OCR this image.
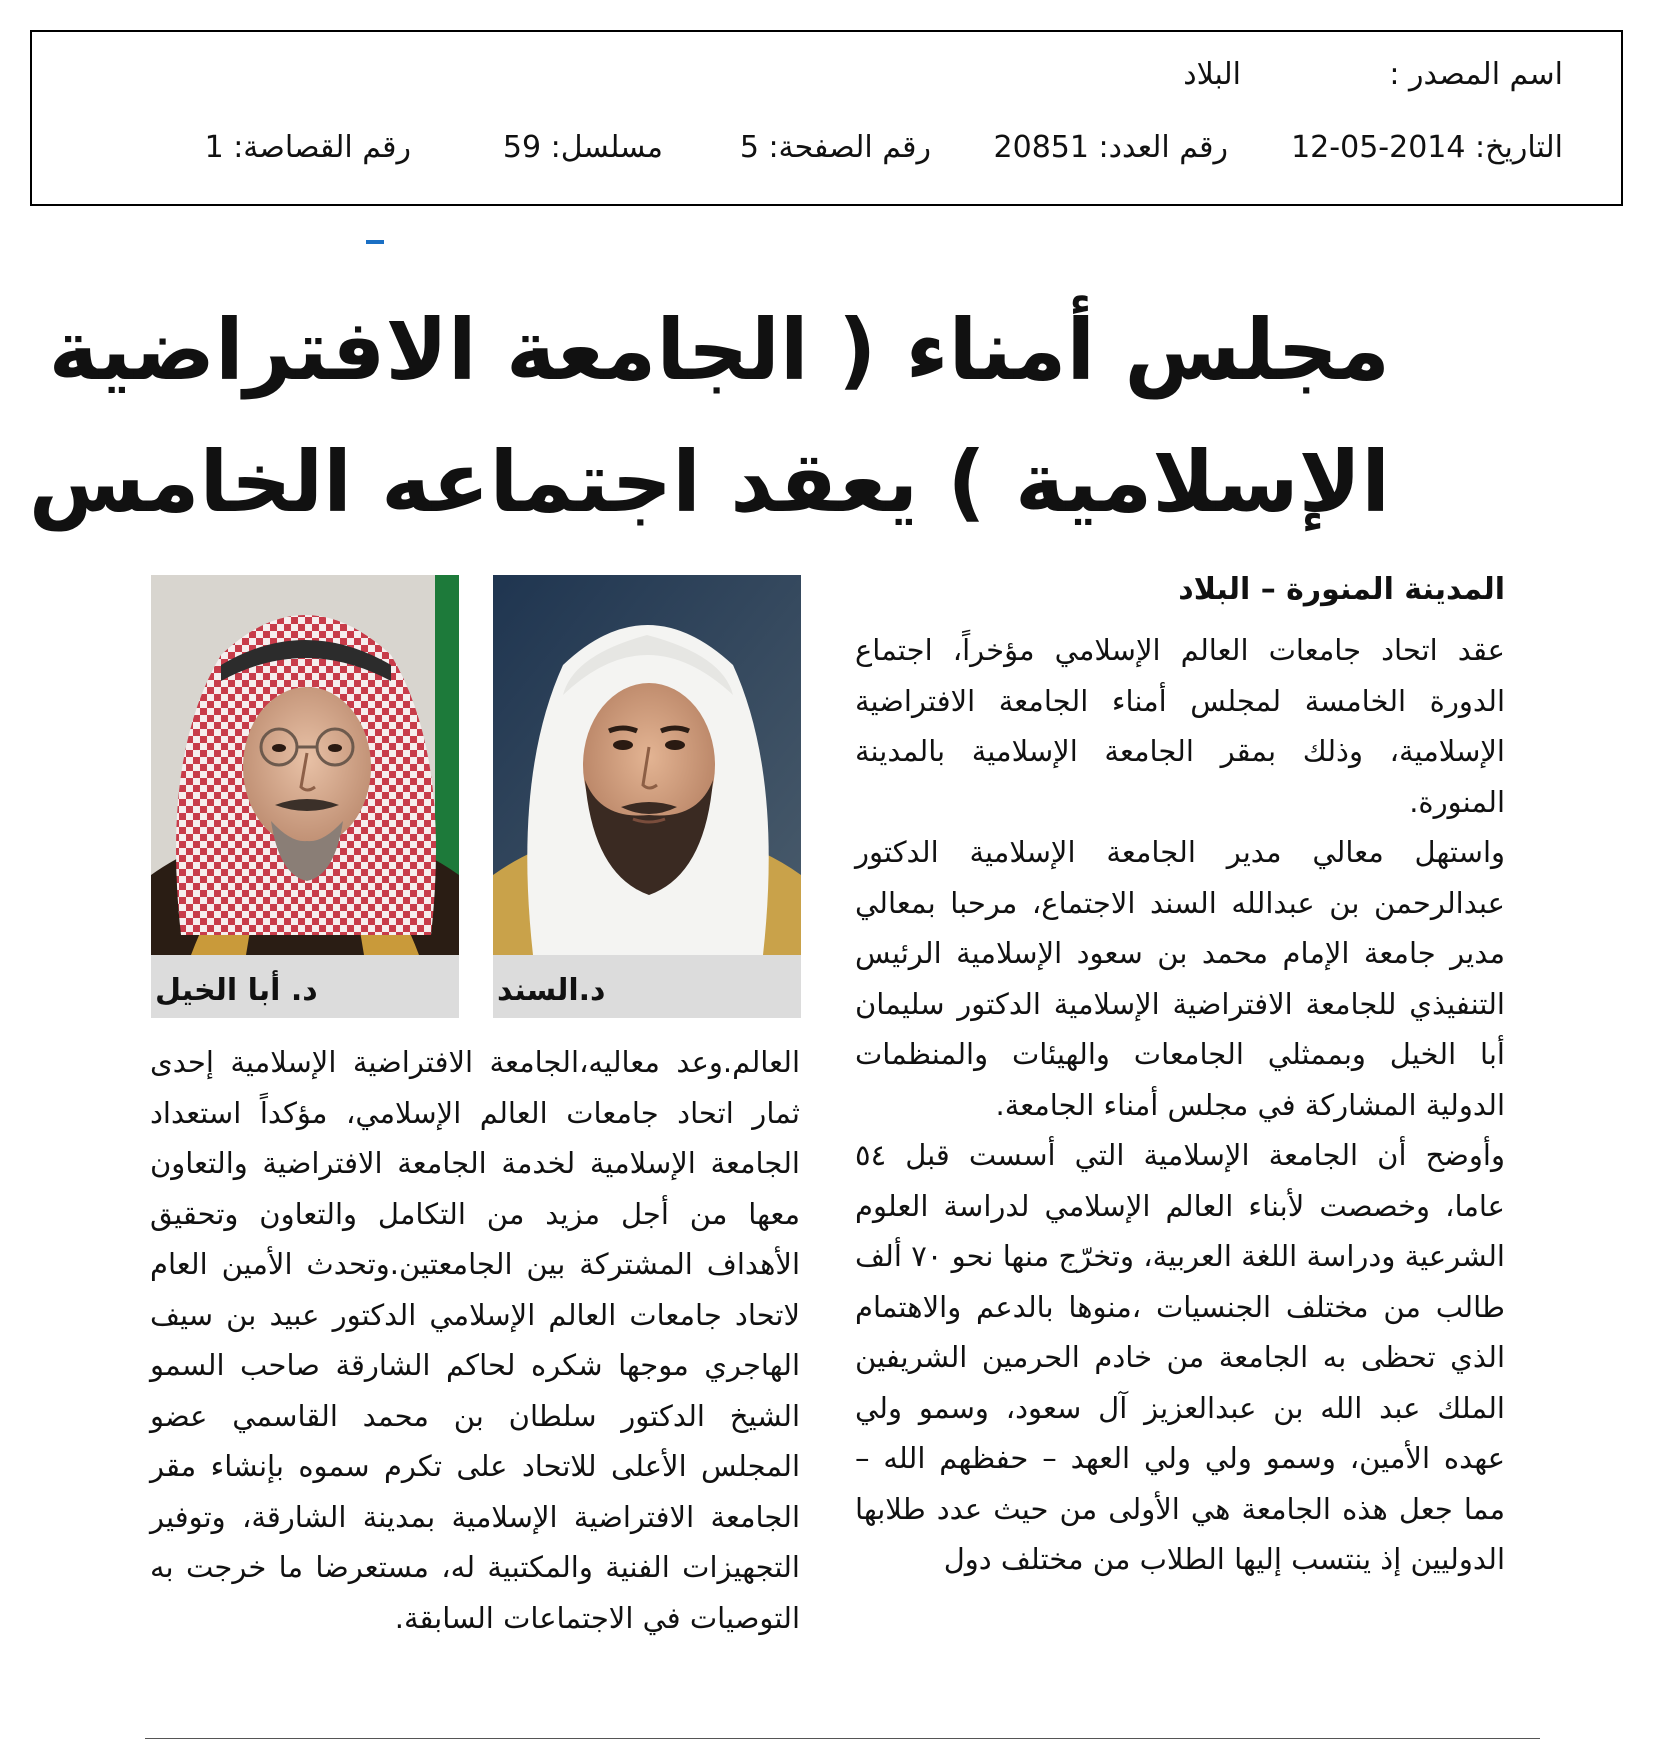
اسم المصدر :
البلاد
التاريخ: 2014-05-12
رقم العدد: 20851
رقم الصفحة: 5
مسلسل: 59
رقم القصاصة: 1
مجلس أمناء ( الجامعة الافتراضية
الإسلامية ) يعقد اجتماعه الخامس
المدينة المنورة – البلاد

عقد اتحاد جامعات العالم الإسلامي مؤخراً، اجتماع الدورة الخامسة لمجلس أمناء الجامعة الافتراضية الإسلامية، وذلك بمقر الجامعة الإسلامية بالمدينة المنورة.

واستهل معالي مدير الجامعة الإسلامية الدكتور عبدالرحمن بن عبدالله السند الاجتماع، مرحبا بمعالي مدير جامعة الإمام محمد بن سعود الإسلامية الرئيس التنفيذي للجامعة الافتراضية الإسلامية الدكتور سليمان أبا الخيل وبممثلي الجامعات والهيئات والمنظمات الدولية المشاركة في مجلس أمناء الجامعة.

وأوضح أن الجامعة الإسلامية التي أسست قبل ٥٤ عاما، وخصصت لأبناء العالم الإسلامي لدراسة العلوم الشرعية ودراسة اللغة العربية، وتخرّج منها نحو ٧٠ ألف طالب من مختلف الجنسيات ،منوها بالدعم والاهتمام الذي تحظى به الجامعة من خادم الحرمين الشريفين الملك عبد الله بن عبدالعزيز آل سعود، وسمو ولي عهده الأمين، وسمو ولي ولي العهد – حفظهم الله – مما جعل هذه الجامعة هي الأولى من حيث عدد طلابها الدوليين إذ ينتسب إليها الطلاب من مختلف دول

د.السند
د. أبا الخيل

العالم.وعد معاليه،الجامعة الافتراضية الإسلامية إحدى ثمار اتحاد جامعات العالم الإسلامي، مؤكداً استعداد الجامعة الإسلامية لخدمة الجامعة الافتراضية والتعاون معها من أجل مزيد من التكامل والتعاون وتحقيق الأهداف المشتركة بين الجامعتين.وتحدث الأمين العام لاتحاد جامعات العالم الإسلامي الدكتور عبيد بن سيف الهاجري موجها شكره لحاكم الشارقة صاحب السمو الشيخ الدكتور سلطان بن محمد القاسمي عضو المجلس الأعلى للاتحاد على تكرم سموه بإنشاء مقر الجامعة الافتراضية الإسلامية بمدينة الشارقة، وتوفير التجهيزات الفنية والمكتبية له، مستعرضا ما خرجت به التوصيات في الاجتماعات السابقة.
